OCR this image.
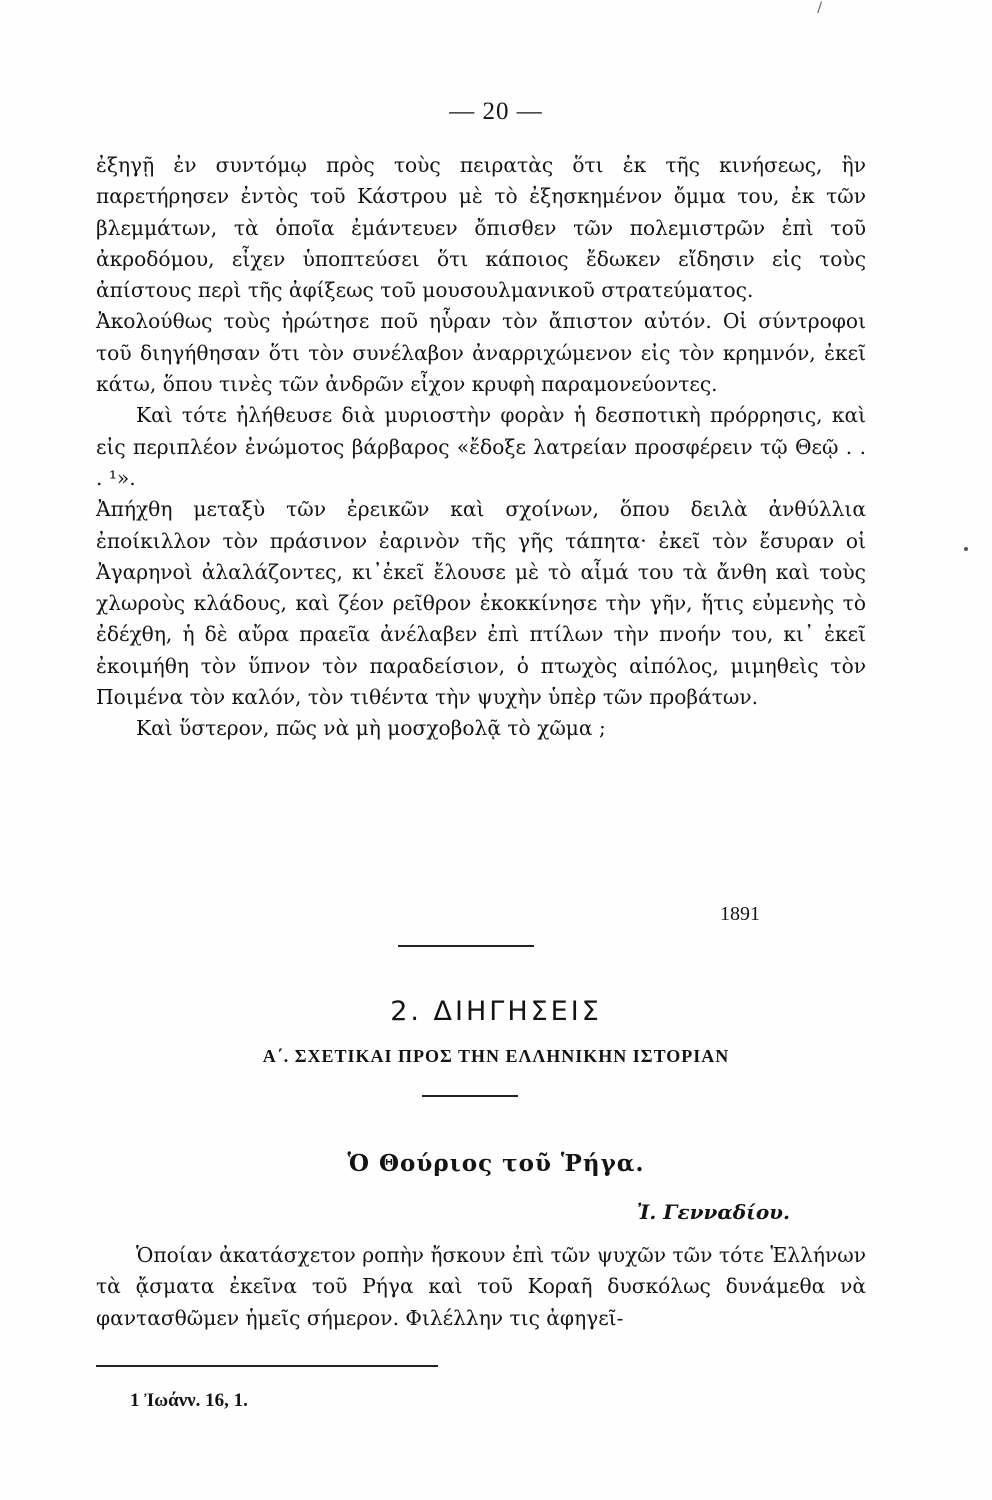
/
— 20 —

ἐξηγῇ ἐν συντόμῳ πρὸς τοὺς πειρατὰς ὅτι ἐκ τῆς κινήσεως, ἣν παρετήρησεν ἐντὸς τοῦ Κάστρου μὲ τὸ ἐξησκημένον ὄμμα του, ἐκ τῶν βλεμμάτων, τὰ ὁποῖα ἐμάντευεν ὄπισθεν τῶν πολεμιστρῶν ἐπὶ τοῦ ἀκροδόμου, εἶχεν ὑποπτεύσει ὅτι κάποιος ἔδωκεν εἴδησιν εἰς τοὺς ἀπίστους περὶ τῆς ἀφίξεως τοῦ μουσουλμανικοῦ στρατεύματος.

Ἀκολούθως τοὺς ἠρώτησε ποῦ ηὗραν τὸν ἄπιστον αὐτόν. Οἱ σύντροφοι τοῦ διηγήθησαν ὅτι τὸν συνέλαβον ἀναρριχώμενον εἰς τὸν κρημνόν, ἐκεῖ κάτω, ὅπου τινὲς τῶν ἀνδρῶν εἶχον κρυφὴ παραμονεύοντες.

Καὶ τότε ἠλήθευσε διὰ μυριοστὴν φορὰν ἡ δεσποτικὴ πρόρρησις, καὶ εἰς περιπλέον ἐνώμοτος βάρβαρος «ἔδοξε λατρείαν προσφέρειν τῷ Θεῷ . . . ¹».

Ἀπήχθη μεταξὺ τῶν ἐρεικῶν καὶ σχοίνων, ὅπου δειλὰ ἀνθύλλια ἐποίκιλλον τὸν πράσινον ἐαρινὸν τῆς γῆς τάπητα· ἐκεῖ τὸν ἔσυραν οἱ Ἀγαρηνοὶ ἀλαλάζοντες, κι᾿ἐκεῖ ἔλουσε μὲ τὸ αἷμά του τὰ ἄνθη καὶ τοὺς χλωροὺς κλάδους, καὶ ζέον ρεῖθρον ἐκοκκίνησε τὴν γῆν, ἥτις εὐμενὴς τὸ ἐδέχθη, ἡ δὲ αὔρα πραεῖα ἀνέλαβεν ἐπὶ πτίλων τὴν πνοήν του, κι᾿ ἐκεῖ ἐκοιμήθη τὸν ὕπνον τὸν παραδείσιον, ὁ πτωχὸς αἰπόλος, μιμηθεὶς τὸν Ποιμένα τὸν καλόν, τὸν τιθέντα τὴν ψυχὴν ὑπὲρ τῶν προβάτων.

Καὶ ὕστερον, πῶς νὰ μὴ μοσχοβολᾷ τὸ χῶμα ;

1891
2. ΔΙΗΓΗΣΕΙΣ
Α΄. ΣΧΕΤΙΚΑΙ ΠΡΟΣ ΤΗΝ ΕΛΛΗΝΙΚΗΝ ΙΣΤΟΡΙΑΝ
Ὁ Θούριος τοῦ Ῥήγα.
Ἰ. Γενναδίου.

Ὁποίαν ἀκατάσχετον ροπὴν ἤσκουν ἐπὶ τῶν ψυχῶν τῶν τότε Ἑλλήνων τὰ ᾄσματα ἐκεῖνα τοῦ Ρήγα καὶ τοῦ Κοραῆ δυσκόλως δυνάμεθα νὰ φαντασθῶμεν ἡμεῖς σήμερον. Φιλέλλην τις ἀφηγεῖ-

1 Ἰωάνν. 16, 1.
